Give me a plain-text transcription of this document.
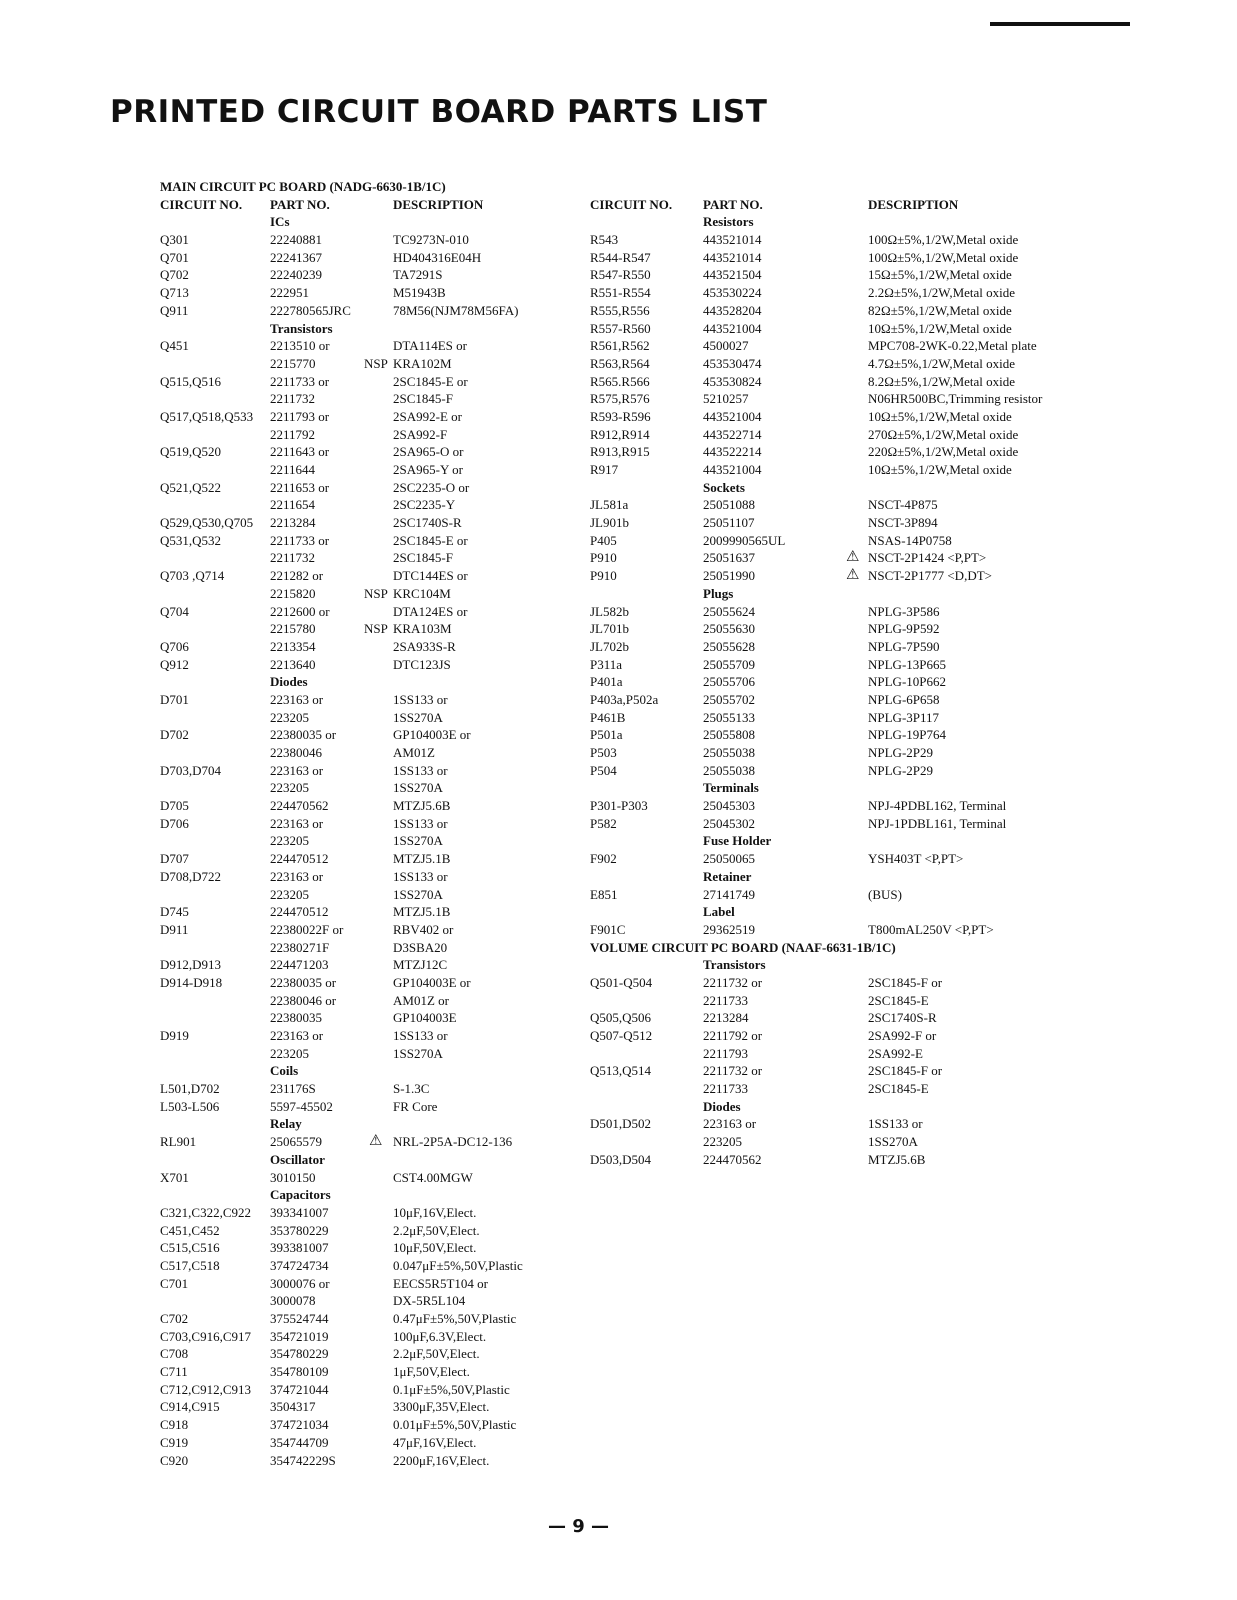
PRINTED CIRCUIT BOARD PARTS LIST
MAIN CIRCUIT PC BOARD (NADG-6630-1B/1C)
CIRCUIT NO. PART NO.	DESCRIPTION
ICs
Q301	22240881	TC9273N-010
Q701	22241367	HD404316E04H
Q702	22240239	TA7291S
Q713	222951	M51943B
Q911	222780565JRC	78M56(NJM78M56FA)
Transistors
Q451	2213510 or	DTA114ES or
2215770	NSP KRA102M
Q515,Q516	2211733 or	2SC1845-E or
2211732	2SC1845-F
Q517,Q518,Q533 2211793 or	2SA992-E or
2211792	2SA992-F
Q519,Q520	2211643 or	2SA965-O or
2211644	2SA965-Y or
Q521,Q522	2211653 or	2SC2235-O or
2211654	2SC2235-Y
Q529,Q530,Q705 2213284	2SC1740S-R
Q531,Q532	2211733 or	2SC1845-E or
2211732	2SC1845-F
Q703 ,Q714	221282 or	DTC144ES or
2215820	NSP KRC104M
Q704	2212600 or	DTA124ES or
2215780	NSP KRA103M
Q706	2213354	2SA933S-R
Q912	2213640	DTC123JS
Diodes
D701	223163 or	1SS133 or
223205	1SS270A
D702	22380035 or	GP104003E or
22380046	AM01Z
D703,D704	223163 or	1SS133 or
223205	1SS270A
D705	224470562	MTZJ5.6B
D706	223163 or	1SS133 or
223205	1SS270A
D707	224470512	MTZJ5.1B
D708,D722	223163 or	1SS133 or
223205	1SS270A
D745	224470512	MTZJ5.1B
D911	22380022F or	RBV402 or
22380271F	D3SBA20
D912,D913	224471203	MTZJ12C
D914-D918	22380035 or	GP104003E or
22380046 or	AM01Z or
22380035	GP104003E
D919	223163 or	1SS133 or
223205	1SS270A
Coils
L501,D702	231176S	S-1.3C
L503-L506	5597-45502	FR Core
Relay
RL901	25065579	⚠ NRL-2P5A-DC12-136
Oscillator
X701	3010150	CST4.00MGW
Capacitors
C321,C322,C922 393341007	10μF,16V,Elect.
C451,C452	353780229	2.2μF,50V,Elect.
C515,C516	393381007	10μF,50V,Elect.
C517,C518	374724734	0.047μF±5%,50V,Plastic
C701	3000076 or	EECS5R5T104 or
3000078	DX-5R5L104
C702	375524744	0.47μF±5%,50V,Plastic
C703,C916,C917 354721019	100μF,6.3V,Elect.
C708	354780229	2.2μF,50V,Elect.
C711	354780109	1μF,50V,Elect.
C712,C912,C913 374721044	0.1μF±5%,50V,Plastic
C914,C915	3504317	3300μF,35V,Elect.
C918	374721034	0.01μF±5%,50V,Plastic
C919	354744709	47μF,16V,Elect.
C920	354742229S	2200μF,16V,Elect.
CIRCUIT NO. PART NO.	DESCRIPTION
Resistors
R543	443521014	100Ω±5%,1/2W,Metal oxide
R544-R547	443521014	100Ω±5%,1/2W,Metal oxide
R547-R550	443521504	15Ω±5%,1/2W,Metal oxide
R551-R554	453530224	2.2Ω±5%,1/2W,Metal oxide
R555,R556	443528204	82Ω±5%,1/2W,Metal oxide
R557-R560	443521004	10Ω±5%,1/2W,Metal oxide
R561,R562	4500027	MPC708-2WK-0.22,Metal plate
R563,R564	453530474	4.7Ω±5%,1/2W,Metal oxide
R565.R566	453530824	8.2Ω±5%,1/2W,Metal oxide
R575,R576	5210257	N06HR500BC,Trimming resistor
R593-R596	443521004	10Ω±5%,1/2W,Metal oxide
R912,R914	443522714	270Ω±5%,1/2W,Metal oxide
R913,R915	443522214	220Ω±5%,1/2W,Metal oxide
R917	443521004	10Ω±5%,1/2W,Metal oxide
Sockets
JL581a	25051088	NSCT-4P875
JL901b	25051107	NSCT-3P894
P405	2009990565UL	NSAS-14P0758
P910	25051637	⚠ NSCT-2P1424 <P,PT>
P910	25051990	⚠ NSCT-2P1777 <D,DT>
Plugs
JL582b	25055624	NPLG-3P586
JL701b	25055630	NPLG-9P592
JL702b	25055628	NPLG-7P590
P311a	25055709	NPLG-13P665
P401a	25055706	NPLG-10P662
P403a,P502a	25055702	NPLG-6P658
P461B	25055133	NPLG-3P117
P501a	25055808	NPLG-19P764
P503	25055038	NPLG-2P29
P504	25055038	NPLG-2P29
Terminals
P301-P303	25045303	NPJ-4PDBL162, Terminal
P582	25045302	NPJ-1PDBL161, Terminal
Fuse Holder
F902	25050065	YSH403T <P,PT>
Retainer
E851	27141749	(BUS)
Label
F901C	29362519	T800mAL250V <P,PT>
VOLUME CIRCUIT PC BOARD (NAAF-6631-1B/1C)
Transistors
Q501-Q504	2211732 or	2SC1845-F or
2211733	2SC1845-E
Q505,Q506	2213284	2SC1740S-R
Q507-Q512	2211792 or	2SA992-F or
2211793	2SA992-E
Q513,Q514	2211732 or	2SC1845-F or
2211733	2SC1845-E
Diodes
D501,D502	223163 or	1SS133 or
223205	1SS270A
D503,D504	224470562	MTZJ5.6B
— 9 —
